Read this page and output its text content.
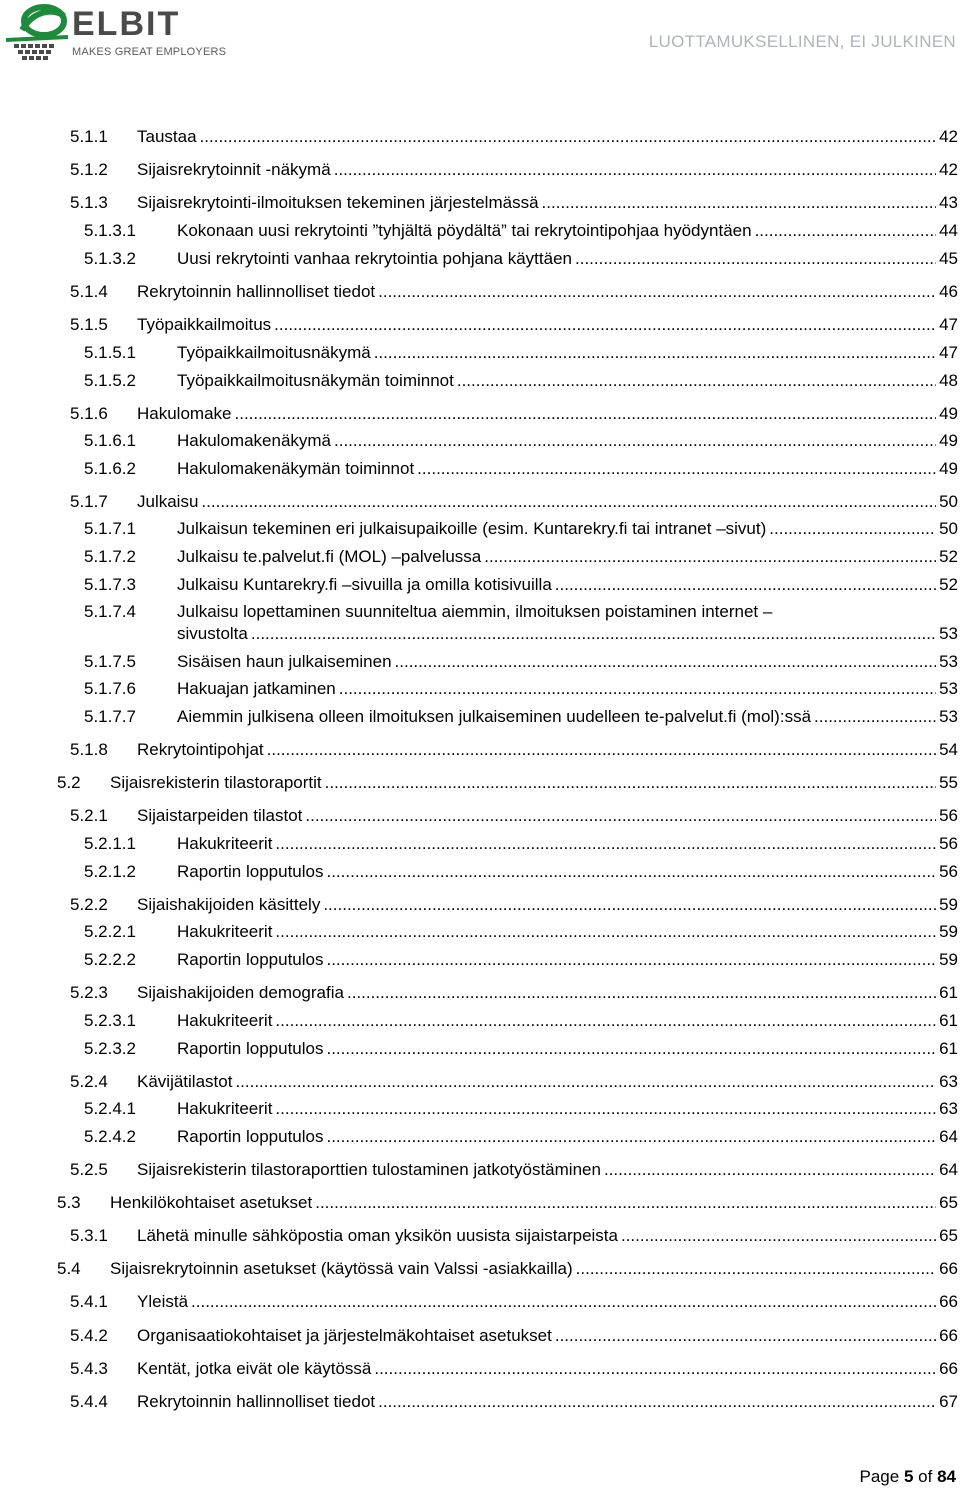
ELBIT
MAKES GREAT EMPLOYERS
LUOTTAMUKSELLINEN, EI JULKINEN
5.1.1 Taustaa .....	42
5.1.2 Sijaisrekrytoinnit -näkymä .....	42
5.1.3 Sijaisrekrytointi-ilmoituksen tekeminen järjestelmässä .....	43
5.1.3.1 Kokonaan uusi rekrytointi ”tyhjältä pöydältä” tai rekrytointipohjaa hyödyntäen .....	44
5.1.3.2 Uusi rekrytointi vanhaa rekrytointia pohjana käyttäen .....	45
5.1.4 Rekrytoinnin hallinnolliset tiedot .....	46
5.1.5 Työpaikkailmoitus .....	47
5.1.5.1 Työpaikkailmoitusnäkymä .....	47
5.1.5.2 Työpaikkailmoitusnäkymän toiminnot .....	48
5.1.6 Hakulomake .....	49
5.1.6.1 Hakulomakenäkymä .....	49
5.1.6.2 Hakulomakenäkymän toiminnot .....	49
5.1.7 Julkaisu .....	50
5.1.7.1 Julkaisun tekeminen eri julkaisupaikoille (esim. Kuntarekry.fi tai intranet –sivut) .....	50
5.1.7.2 Julkaisu te.palvelut.fi (MOL) –palvelussa .....	52
5.1.7.3 Julkaisu Kuntarekry.fi –sivuilla ja omilla kotisivuilla .....	52
5.1.7.4 Julkaisu lopettaminen suunniteltua aiemmin, ilmoituksen poistaminen internet –
sivustolta .....	53
5.1.7.5 Sisäisen haun julkaiseminen .....	53
5.1.7.6 Hakuajan jatkaminen .....	53
5.1.7.7 Aiemmin julkisena olleen ilmoituksen julkaiseminen uudelleen te-palvelut.fi (mol):ssä .....	53
5.1.8 Rekrytointipohjat .....	54
5.2 Sijaisrekisterin tilastoraportit .....	55
5.2.1 Sijaistarpeiden tilastot .....	56
5.2.1.1 Hakukriteerit .....	56
5.2.1.2 Raportin lopputulos .....	56
5.2.2 Sijaishakijoiden käsittely .....	59
5.2.2.1 Hakukriteerit .....	59
5.2.2.2 Raportin lopputulos .....	59
5.2.3 Sijaishakijoiden demografia .....	61
5.2.3.1 Hakukriteerit .....	61
5.2.3.2 Raportin lopputulos .....	61
5.2.4 Kävijätilastot .....	63
5.2.4.1 Hakukriteerit .....	63
5.2.4.2 Raportin lopputulos .....	64
5.2.5 Sijaisrekisterin tilastoraporttien tulostaminen jatkotyöstäminen .....	64
5.3 Henkilökohtaiset asetukset .....	65
5.3.1 Lähetä minulle sähköpostia oman yksikön uusista sijaistarpeista .....	65
5.4 Sijaisrekrytoinnin asetukset (käytössä vain Valssi -asiakkailla) .....	66
5.4.1 Yleistä .....	66
5.4.2 Organisaatiokohtaiset ja järjestelmäkohtaiset asetukset .....	66
5.4.3 Kentät, jotka eivät ole käytössä .....	66
5.4.4 Rekrytoinnin hallinnolliset tiedot .....	67
Page 5 of 84
